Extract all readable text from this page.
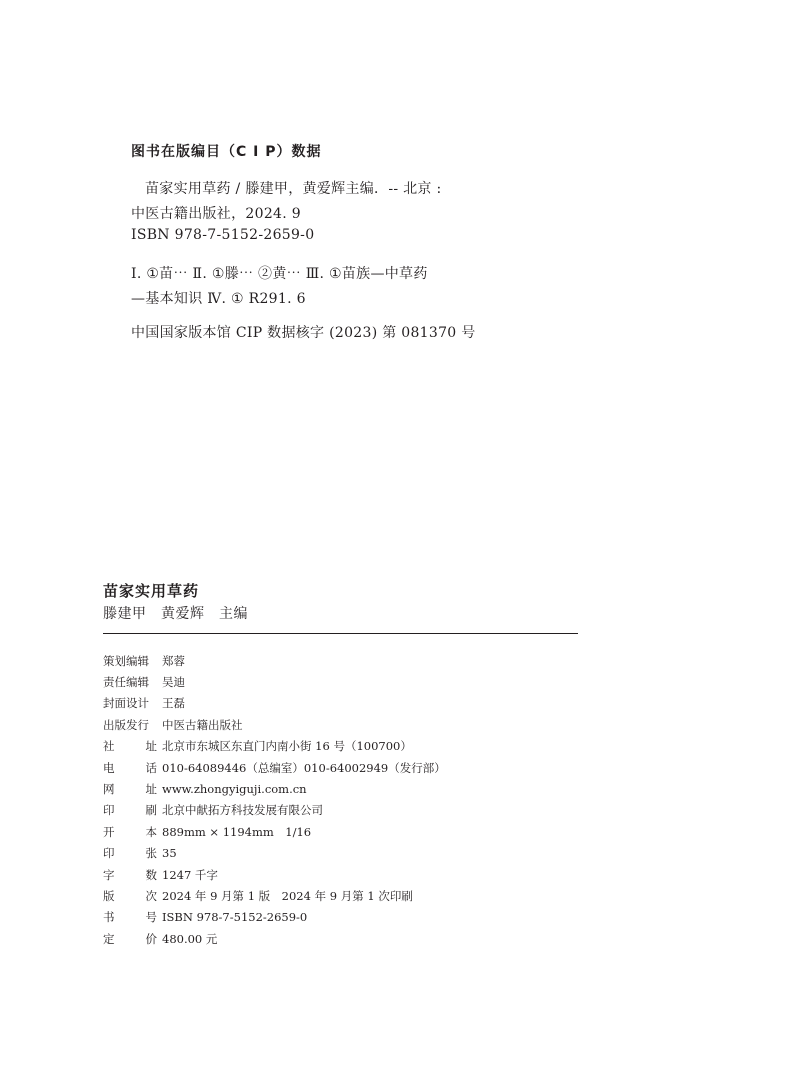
图书在版编目（C I P）数据
苗家实用草药 / 滕建甲，黄爱辉主编．-- 北京 :
中医古籍出版社，2024. 9
ISBN 978-7-5152-2659-0
Ⅰ. ①苗⋯ Ⅱ. ①滕⋯ ②黄⋯ Ⅲ. ①苗族—中草药
—基本知识 Ⅳ. ① R291. 6
中国国家版本馆 CIP 数据核字 (2023) 第 081370 号
苗家实用草药
滕建甲　黄爱辉　主编
策划编辑	郑蓉
责任编辑	吴迪
封面设计	王磊
出版发行	中医古籍出版社
社	址 北京市东城区东直门内南小街 16 号（100700）
电	话 010-64089446（总编室）010-64002949（发行部）
网	址 www.zhongyiguji.com.cn
印	刷 北京中献拓方科技发展有限公司
开	本 889mm × 1194mm　1/16
印	张 35
字	数 1247 千字
版	次 2024 年 9 月第 1 版　2024 年 9 月第 1 次印刷
书	号 ISBN 978-7-5152-2659-0
定	价 480.00 元
